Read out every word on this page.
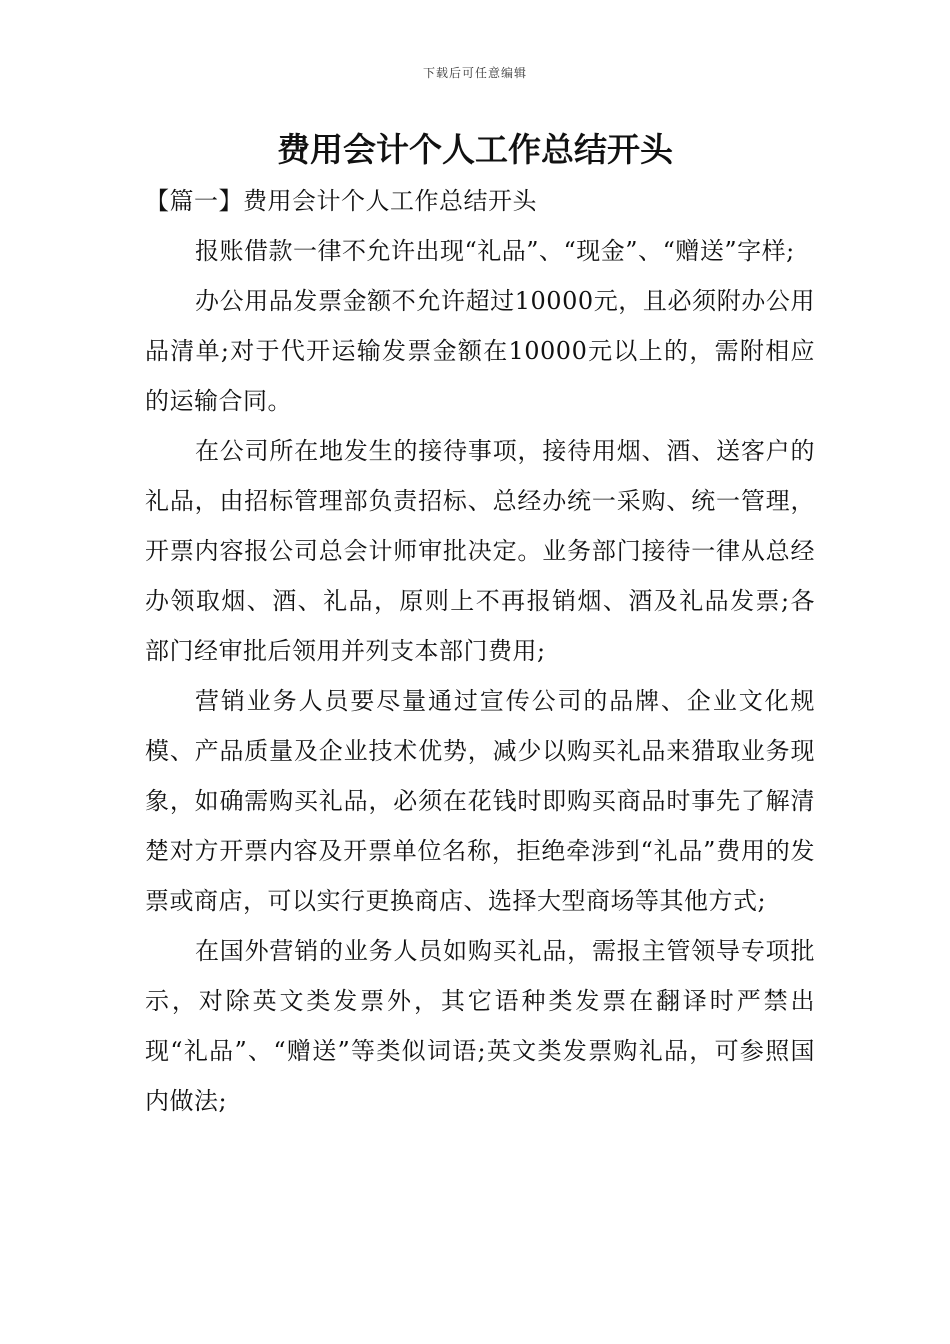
下载后可任意编辑
费用会计个人工作总结开头

【篇一】费用会计个人工作总结开头

报账借款一律不允许出现“礼品”、“现金”、“赠送”字样;

办公用品发票金额不允许超过10000元，且必须附办公用品清单;对于代开运输发票金额在10000元以上的，需附相应的运输合同。

在公司所在地发生的接待事项，接待用烟、酒、送客户的礼品，由招标管理部负责招标、总经办统一采购、统一管理，开票内容报公司总会计师审批决定。业务部门接待一律从总经办领取烟、酒、礼品，原则上不再报销烟、酒及礼品发票;各部门经审批后领用并列支本部门费用;

营销业务人员要尽量通过宣传公司的品牌、企业文化规模、产品质量及企业技术优势，减少以购买礼品来猎取业务现象，如确需购买礼品，必须在花钱时即购买商品时事先了解清楚对方开票内容及开票单位名称，拒绝牵涉到“礼品”费用的发票或商店，可以实行更换商店、选择大型商场等其他方式;

在国外营销的业务人员如购买礼品，需报主管领导专项批示，对除英文类发票外，其它语种类发票在翻译时严禁出现“礼品”、“赠送”等类似词语;英文类发票购礼品，可参照国内做法;
